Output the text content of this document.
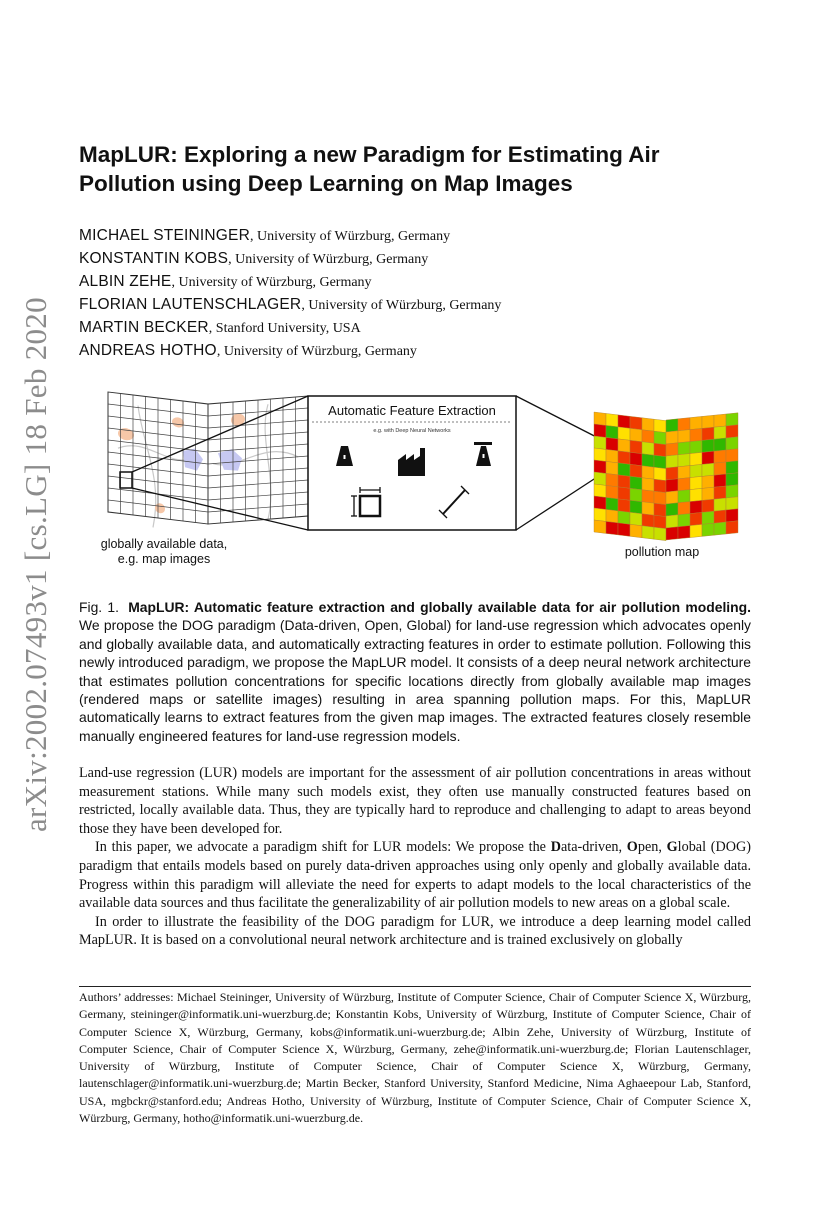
arXiv:2002.07493v1 [cs.LG] 18 Feb 2020
MapLUR: Exploring a new Paradigm for Estimating Air Pollution using Deep Learning on Map Images
MICHAEL STEININGER, University of Würzburg, Germany
KONSTANTIN KOBS, University of Würzburg, Germany
ALBIN ZEHE, University of Würzburg, Germany
FLORIAN LAUTENSCHLAGER, University of Würzburg, Germany
MARTIN BECKER, Stanford University, USA
ANDREAS HOTHO, University of Würzburg, Germany
Automatic Feature Extraction
e.g. with Deep Neural Networks
globally available data,
e.g. map images	pollution map
Fig. 1. MapLUR: Automatic feature extraction and globally available data for air pollution modeling. We propose the DOG paradigm (Data-driven, Open, Global) for land-use regression which advocates openly and globally available data, and automatically extracting features in order to estimate pollution. Following this newly introduced paradigm, we propose the MapLUR model. It consists of a deep neural network architecture that estimates pollution concentrations for specific locations directly from globally available map images (rendered maps or satellite images) resulting in area spanning pollution maps. For this, MapLUR automatically learns to extract features from the given map images. The extracted features closely resemble manually engineered features for land-use regression models.

Land-use regression (LUR) models are important for the assessment of air pollution concentrations in areas without measurement stations. While many such models exist, they often use manually constructed features based on restricted, locally available data. Thus, they are typically hard to reproduce and challenging to adapt to areas beyond those they have been developed for.

In this paper, we advocate a paradigm shift for LUR models: We propose the Data-driven, Open, Global (DOG) paradigm that entails models based on purely data-driven approaches using only openly and globally available data. Progress within this paradigm will alleviate the need for experts to adapt models to the local characteristics of the available data sources and thus facilitate the generalizability of air pollution models to new areas on a global scale.

In order to illustrate the feasibility of the DOG paradigm for LUR, we introduce a deep learning model called MapLUR. It is based on a convolutional neural network architecture and is trained exclusively on globally

Authors’ addresses: Michael Steininger, University of Würzburg, Institute of Computer Science, Chair of Computer Science X, Würzburg, Germany, steininger@informatik.uni-wuerzburg.de; Konstantin Kobs, University of Würzburg, Institute of Computer Science, Chair of Computer Science X, Würzburg, Germany, kobs@informatik.uni-wuerzburg.de; Albin Zehe, University of Würzburg, Institute of Computer Science, Chair of Computer Science X, Würzburg, Germany, zehe@informatik.uni-wuerzburg.de; Florian Lautenschlager, University of Würzburg, Institute of Computer Science, Chair of Computer Science X, Würzburg, Germany, lautenschlager@informatik.uni-wuerzburg.de; Martin Becker, Stanford University, Stanford Medicine, Nima Aghaeepour Lab, Stanford, USA, mgbckr@stanford.edu; Andreas Hotho, University of Würzburg, Institute of Computer Science, Chair of Computer Science X, Würzburg, Germany, hotho@informatik.uni-wuerzburg.de.
